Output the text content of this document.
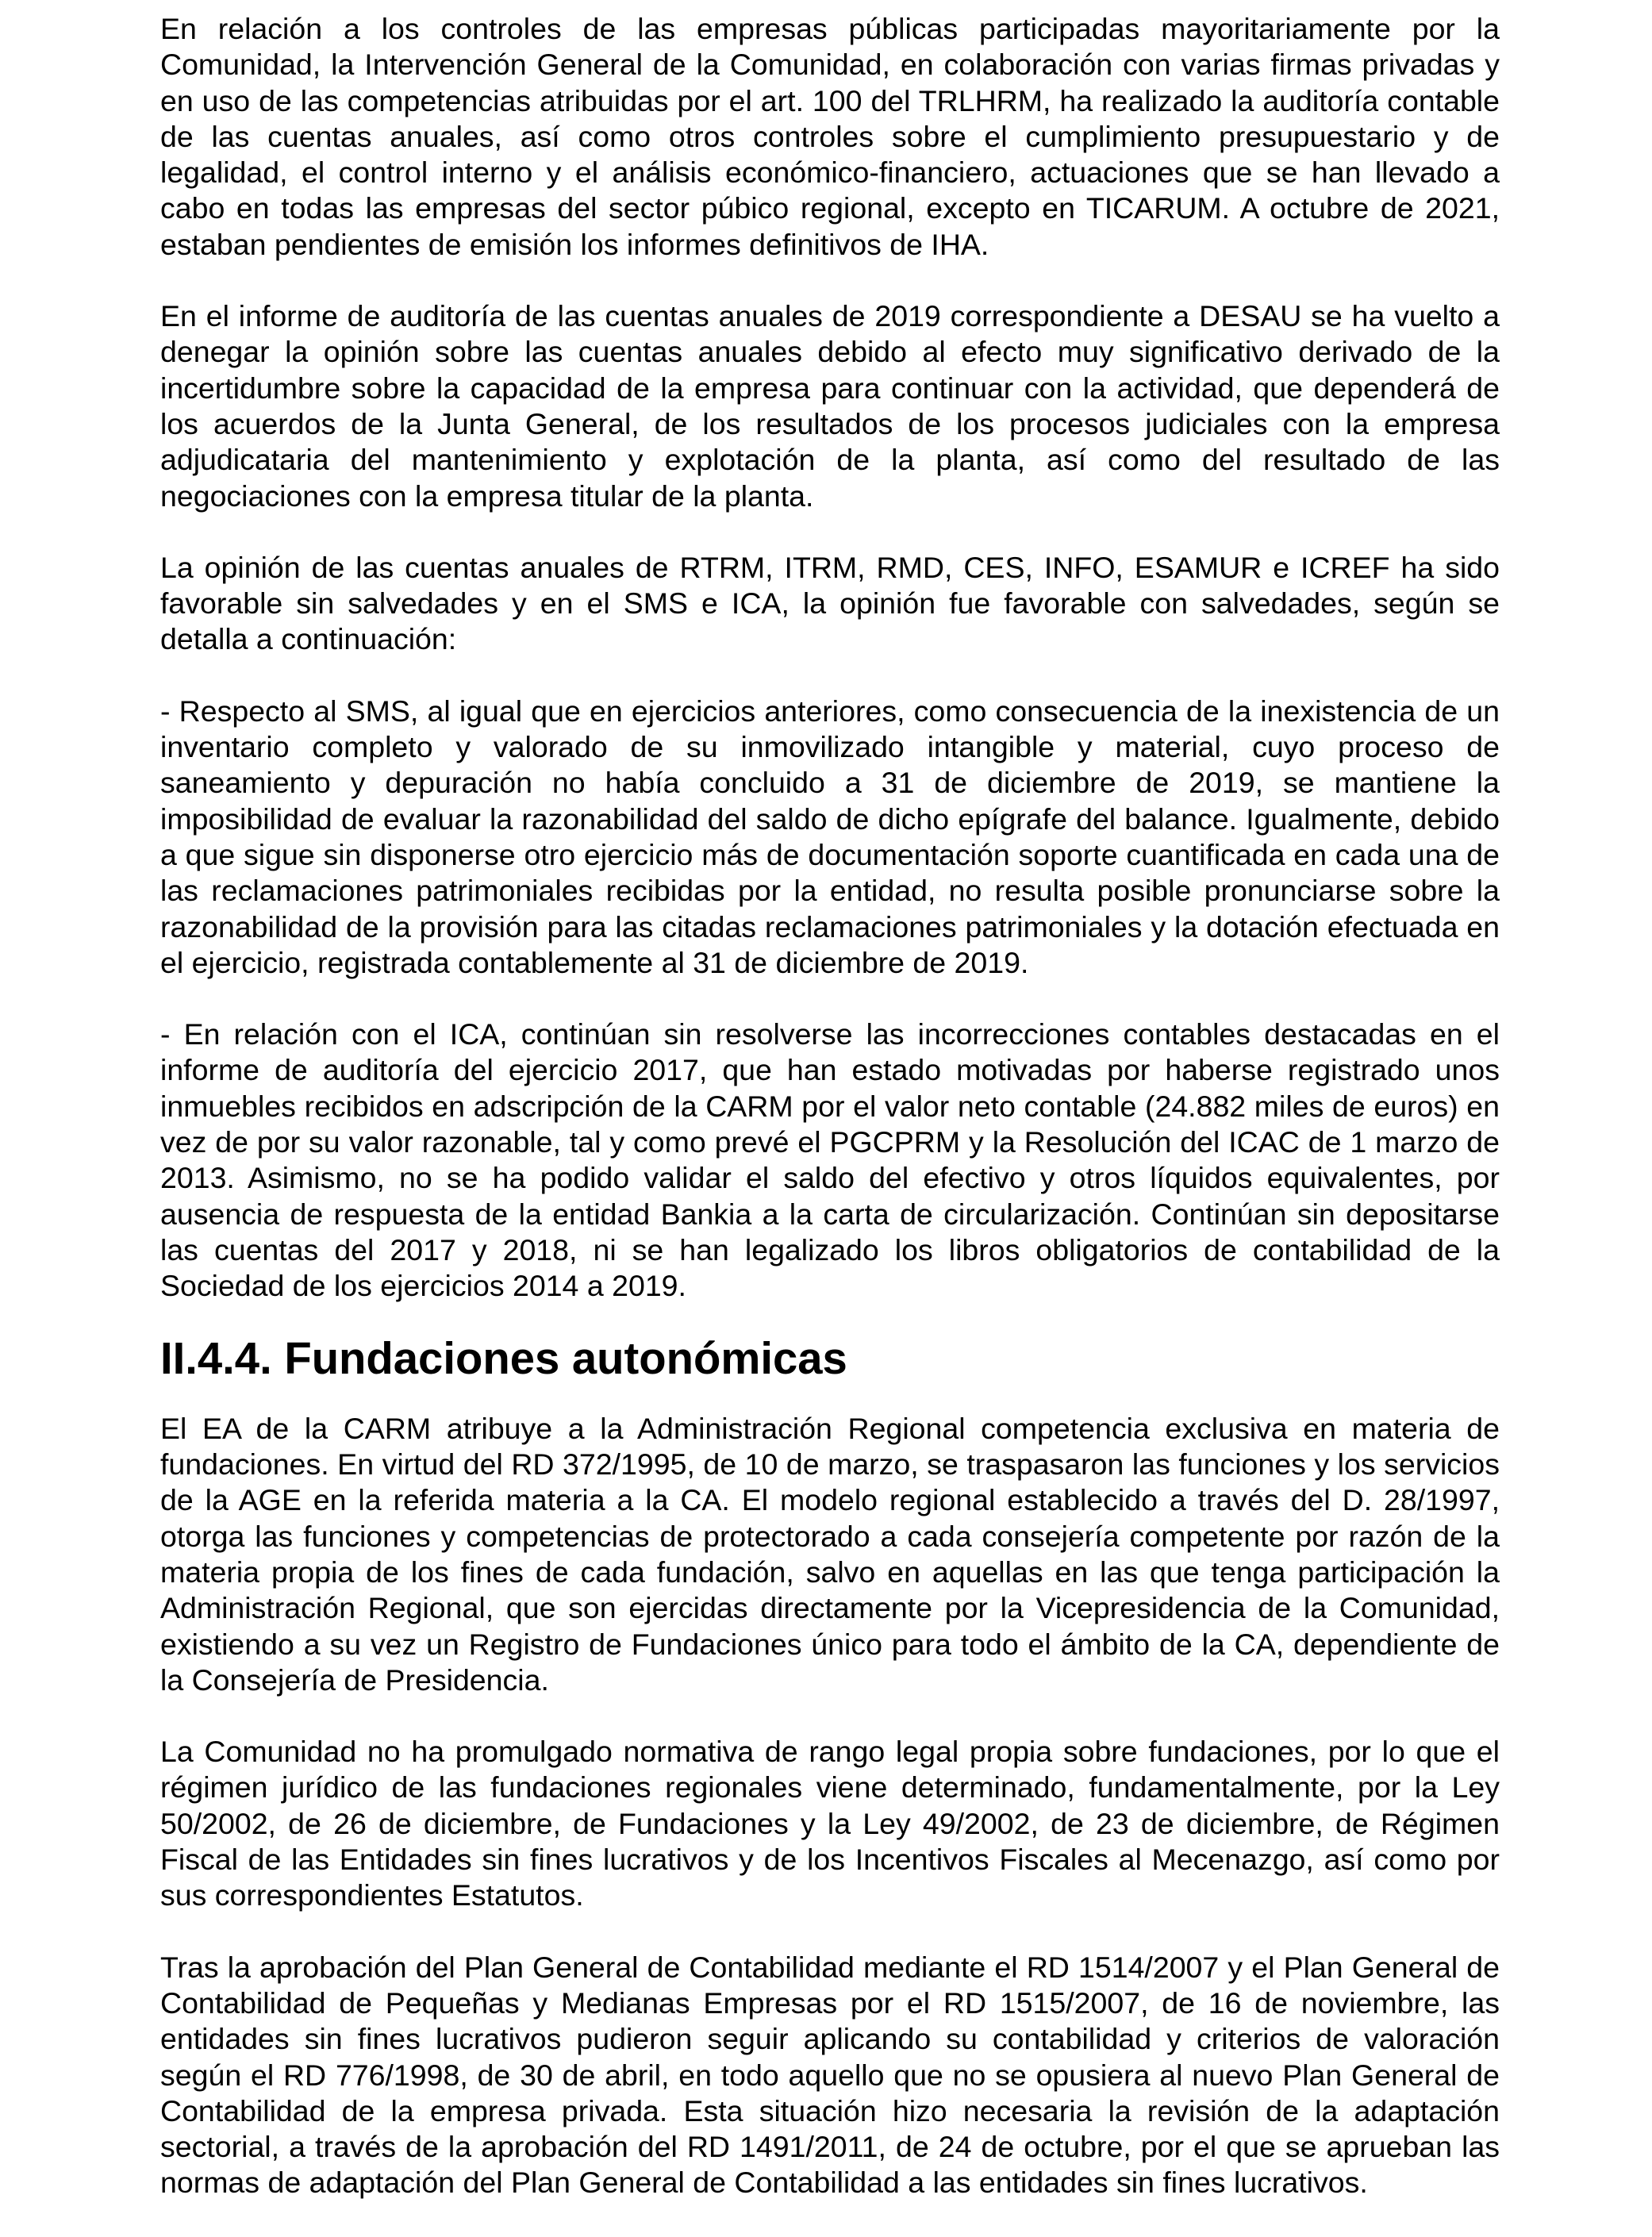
En relación a los controles de las empresas públicas participadas mayoritariamente por la Comunidad, la Intervención General de la Comunidad, en colaboración con varias firmas privadas y en uso de las competencias atribuidas por el art. 100 del TRLHRM, ha realizado la auditoría contable de las cuentas anuales, así como otros controles sobre el cumplimiento presupuestario y de legalidad, el control interno y el análisis económico-financiero, actuaciones que se han llevado a cabo en todas las empresas del sector púbico regional, excepto en TICARUM. A octubre de 2021, estaban pendientes de emisión los informes definitivos de IHA.

En el informe de auditoría de las cuentas anuales de 2019 correspondiente a DESAU se ha vuelto a denegar la opinión sobre las cuentas anuales debido al efecto muy significativo derivado de la incertidumbre sobre la capacidad de la empresa para continuar con la actividad, que dependerá de los acuerdos de la Junta General, de los resultados de los procesos judiciales con la empresa adjudicataria del mantenimiento y explotación de la planta, así como del resultado de las negociaciones con la empresa titular de la planta.

La opinión de las cuentas anuales de RTRM, ITRM, RMD, CES, INFO, ESAMUR e ICREF ha sido favorable sin salvedades y en el SMS e ICA, la opinión fue favorable con salvedades, según se detalla a continuación:

- Respecto al SMS, al igual que en ejercicios anteriores, como consecuencia de la inexistencia de un inventario completo y valorado de su inmovilizado intangible y material, cuyo proceso de saneamiento y depuración no había concluido a 31 de diciembre de 2019, se mantiene la imposibilidad de evaluar la razonabilidad del saldo de dicho epígrafe del balance. Igualmente, debido a que sigue sin disponerse otro ejercicio más de documentación soporte cuantificada en cada una de las reclamaciones patrimoniales recibidas por la entidad, no resulta posible pronunciarse sobre la razonabilidad de la provisión para las citadas reclamaciones patrimoniales y la dotación efectuada en el ejercicio, registrada contablemente al 31 de diciembre de 2019.

- En relación con el ICA, continúan sin resolverse las incorrecciones contables destacadas en el informe de auditoría del ejercicio 2017, que han estado motivadas por haberse registrado unos inmuebles recibidos en adscripción de la CARM por el valor neto contable (24.882 miles de euros) en vez de por su valor razonable, tal y como prevé el PGCPRM y la Resolución del ICAC de 1 marzo de 2013. Asimismo, no se ha podido validar el saldo del efectivo y otros líquidos equivalentes, por ausencia de respuesta de la entidad Bankia a la carta de circularización. Continúan sin depositarse las cuentas del 2017 y 2018, ni se han legalizado los libros obligatorios de contabilidad de la Sociedad de los ejercicios 2014 a 2019.

II.4.4. Fundaciones autonómicas

El EA de la CARM atribuye a la Administración Regional competencia exclusiva en materia de fundaciones. En virtud del RD 372/1995, de 10 de marzo, se traspasaron las funciones y los servicios de la AGE en la referida materia a la CA. El modelo regional establecido a través del D. 28/1997, otorga las funciones y competencias de protectorado a cada consejería competente por razón de la materia propia de los fines de cada fundación, salvo en aquellas en las que tenga participación la Administración Regional, que son ejercidas directamente por la Vicepresidencia de la Comunidad, existiendo a su vez un Registro de Fundaciones único para todo el ámbito de la CA, dependiente de la Consejería de Presidencia.

La Comunidad no ha promulgado normativa de rango legal propia sobre fundaciones, por lo que el régimen jurídico de las fundaciones regionales viene determinado, fundamentalmente, por la Ley 50/2002, de 26 de diciembre, de Fundaciones y la Ley 49/2002, de 23 de diciembre, de Régimen Fiscal de las Entidades sin fines lucrativos y de los Incentivos Fiscales al Mecenazgo, así como por sus correspondientes Estatutos.

Tras la aprobación del Plan General de Contabilidad mediante el RD 1514/2007 y el Plan General de Contabilidad de Pequeñas y Medianas Empresas por el RD 1515/2007, de 16 de noviembre, las entidades sin fines lucrativos pudieron seguir aplicando su contabilidad y criterios de valoración según el RD 776/1998, de 30 de abril, en todo aquello que no se opusiera al nuevo Plan General de Contabilidad de la empresa privada. Esta situación hizo necesaria la revisión de la adaptación sectorial, a través de la aprobación del RD 1491/2011, de 24 de octubre, por el que se aprueban las normas de adaptación del Plan General de Contabilidad a las entidades sin fines lucrativos.
